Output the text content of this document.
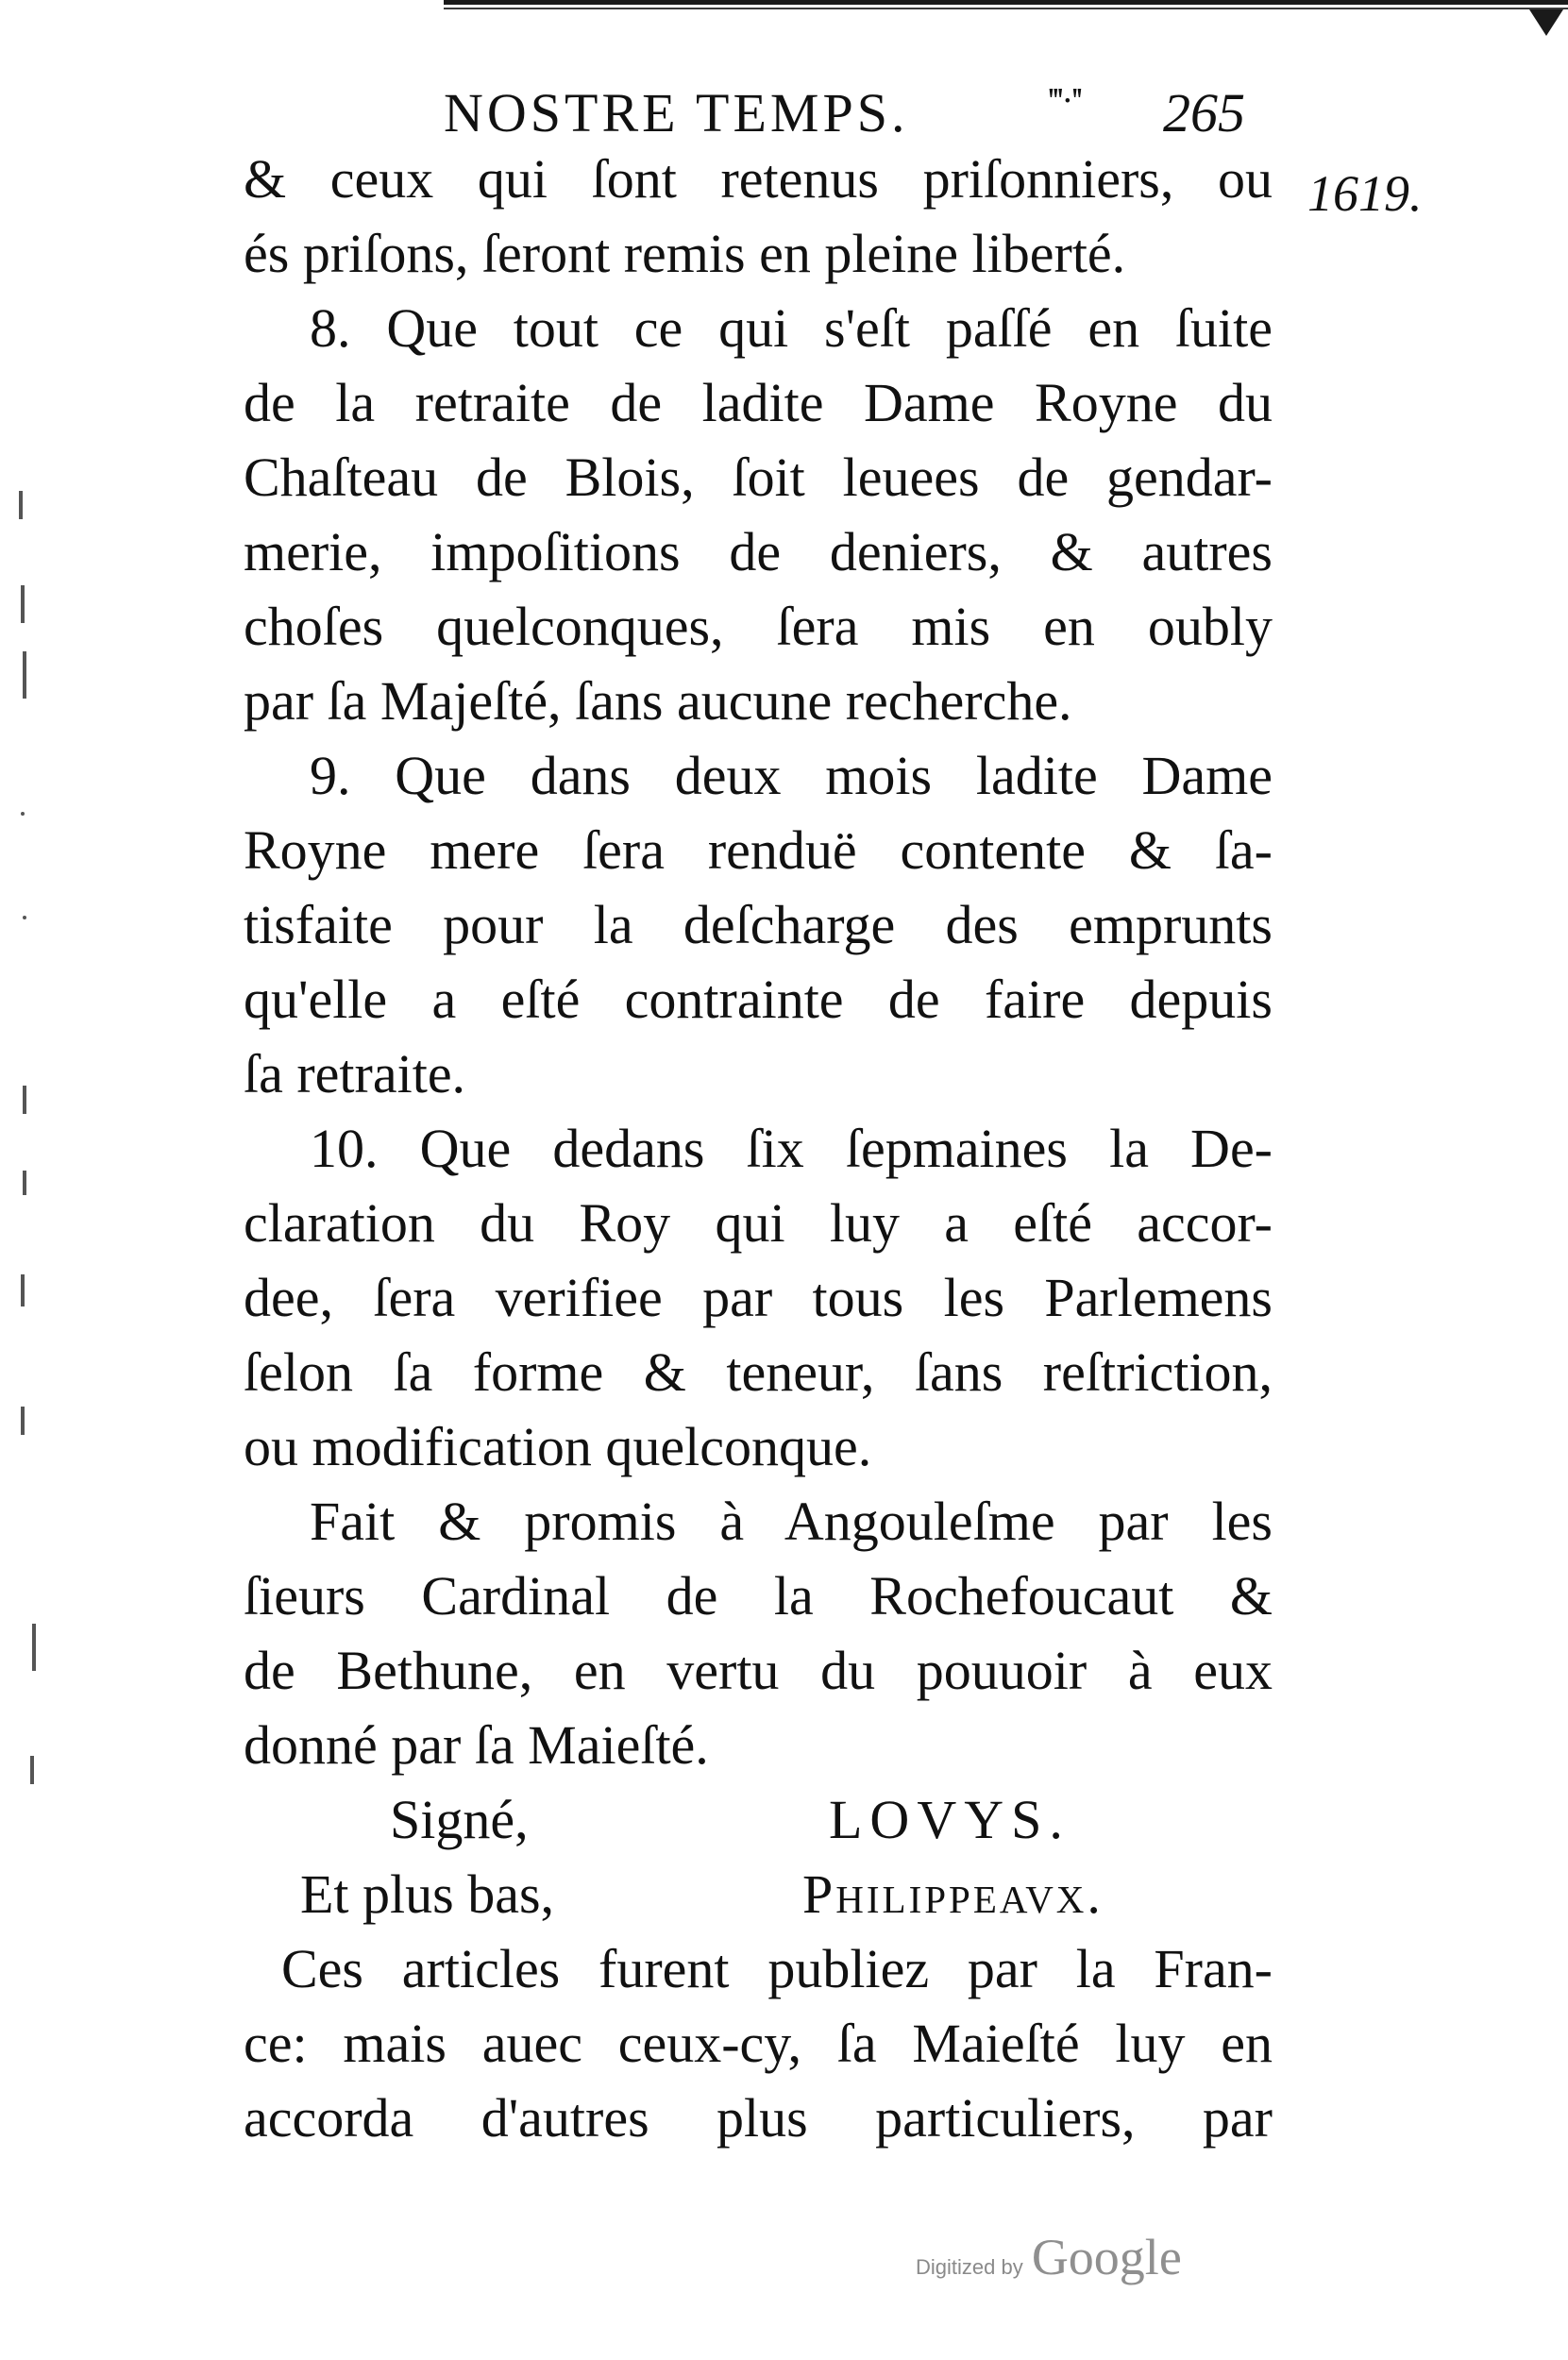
NOSTRE TEMPS.	'''·'' 265
1619.
& ceux qui ſont retenus priſonniers, ou
és priſons, ſeront remis en pleine liberté.
8. Que tout ce qui s'eſt paſſé en ſuite
de la retraite de ladite Dame Royne du
Chaſteau de Blois, ſoit leuees de gendar-
merie, impoſitions de deniers, & autres
choſes quelconques, ſera mis en oubly
par ſa Majeſté, ſans aucune recherche.
9. Que dans deux mois ladite Dame
Royne mere ſera renduë contente & ſa-
tisfaite pour la deſcharge des emprunts
qu'elle a eſté contrainte de faire depuis
ſa retraite.
10. Que dedans ſix ſepmaines la De-
claration du Roy qui luy a eſté accor-
dee, ſera verifiee par tous les Parlemens
ſelon ſa forme & teneur, ſans reſtriction,
ou modification quelconque.
Fait & promis à Angouleſme par les
ſieurs Cardinal de la Rochefoucaut &
de Bethune, en vertu du pouuoir à eux
donné par ſa Maieſté.
Signé,	LOVYS.
Et plus bas,	Philippeavx.
Ces articles furent publiez par la Fran-
ce: mais auec ceux-cy, ſa Maieſté luy en
accorda d'autres plus particuliers, par
Digitized by Google
